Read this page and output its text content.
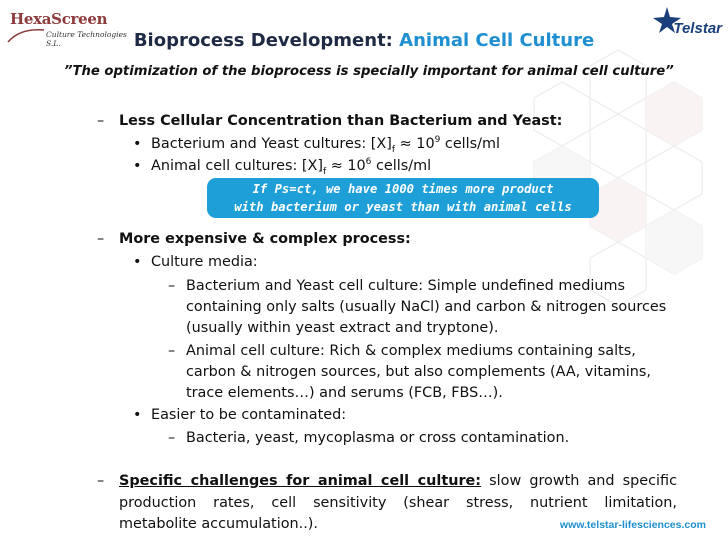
HexaScreen
Culture Technologies S.L.
Telstar
Bioprocess Development: Animal Cell Culture
”The optimization of the bioprocess is specially important for animal cell culture”
– Less Cellular Concentration than Bacterium and Yeast:
• Bacterium and Yeast cultures: $[X]_f \approx 10^9$ cells/ml
• Animal cell cultures: $[X]_f \approx 10^6$ cells/ml
If Ps=ct, we have 1000 times more product
with bacterium or yeast than with animal cells
– More expensive & complex process:
• Culture media:
– Bacterium and Yeast cell culture: Simple undefined mediums
containing only salts (usually NaCl) and carbon & nitrogen sources
(usually within yeast extract and tryptone).
– Animal cell culture: Rich & complex mediums containing salts,
carbon & nitrogen sources, but also complements (AA, vitamins,
trace elements…) and serums (FCB, FBS…).
• Easier to be contaminated:
– Bacteria, yeast, mycoplasma or cross contamination.
– Specific challenges for animal cell culture: slow growth and specific
production rates, cell sensitivity (shear stress, nutrient limitation,
metabolite accumulation..).	www.telstar-lifesciences.com
